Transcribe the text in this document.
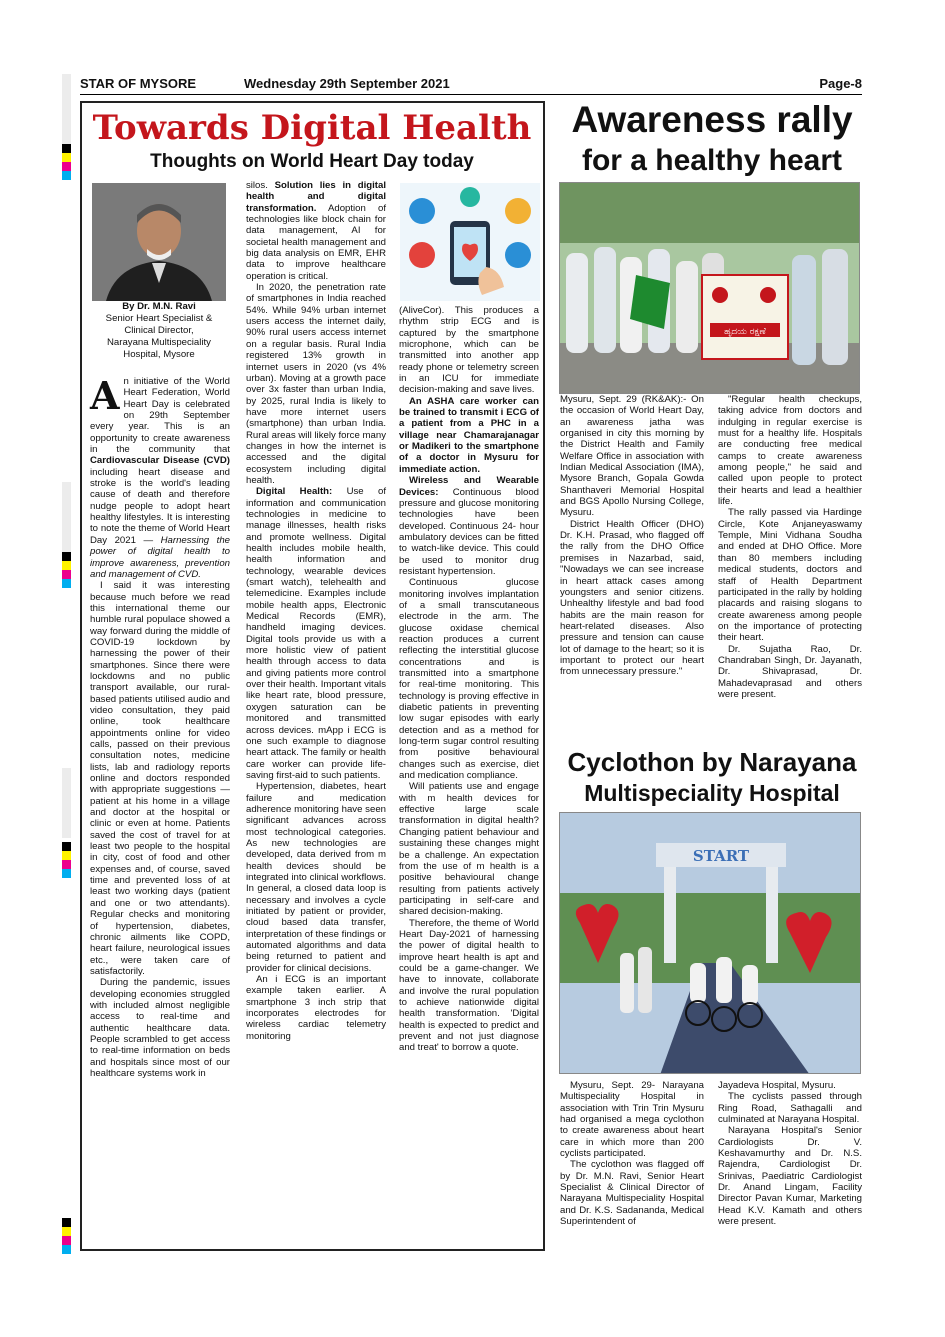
STAR OF MYSORE	Wednesday 29th September 2021	Page-8
Towards Digital Health
Thoughts on World Heart Day today
By Dr. M.N. Ravi
Senior Heart Specialist &
Clinical Director,
Narayana Multispeciality
Hospital, Mysore

An initiative of the World Heart Federation, World Heart Day is celebrated on 29th September every year. This is an opportunity to create awareness in the community that Cardiovascular Disease (CVD) including heart disease and stroke is the world's leading cause of death and therefore nudge people to adopt heart healthy lifestyles. It is interesting to note the theme of World Heart Day 2021 — Harnessing the power of digital health to improve awareness, prevention and management of CVD.

I said it was interesting because much before we read this international theme our humble rural populace showed a way forward during the middle of COVID-19 lockdown by harnessing the power of their smartphones. Since there were lockdowns and no public transport available, our rural-based patients utilised audio and video consultation, they paid online, took healthcare appointments online for video calls, passed on their previous consultation notes, medicine lists, lab and radiology reports online and doctors responded with appropriate suggestions — patient at his home in a village and doctor at the hospital or clinic or even at home. Patients saved the cost of travel for at least two people to the hospital in city, cost of food and other expenses and, of course, saved time and prevented loss of at least two working days (patient and one or two attendants). Regular checks and monitoring of hypertension, diabetes, chronic ailments like COPD, heart failure, neurological issues etc., were taken care of satisfactorily.

During the pandemic, issues developing economies struggled with included almost negligible access to real-time and authentic healthcare data. People scrambled to get access to real-time information on beds and hospitals since most of our healthcare systems work in

silos. Solution lies in digital health and digital transformation. Adoption of technologies like block chain for data management, AI for societal health management and big data analysis on EMR, EHR data to improve healthcare operation is critical.

In 2020, the penetration rate of smartphones in India reached 54%. While 94% urban internet users access the internet daily, 90% rural users access internet on a regular basis. Rural India registered 13% growth in internet users in 2020 (vs 4% urban). Moving at a growth pace over 3x faster than urban India, by 2025, rural India is likely to have more internet users (smartphone) than urban India. Rural areas will likely force many changes in how the internet is accessed and the digital ecosystem including digital health.

Digital Health: Use of information and communication technologies in medicine to manage illnesses, health risks and promote wellness. Digital health includes mobile health, health information and technology, wearable devices (smart watch), telehealth and telemedicine. Examples include mobile health apps, Electronic Medical Records (EMR), handheld imaging devices. Digital tools provide us with a more holistic view of patient health through access to data and giving patients more control over their health. Important vitals like heart rate, blood pressure, oxygen saturation can be monitored and transmitted across devices. mApp i ECG is one such example to diagnose heart attack. The family or health care worker can provide life-saving first-aid to such patients.

Hypertension, diabetes, heart failure and medication adherence monitoring have seen significant advances across most technological categories. As new technologies are developed, data derived from m health devices should be integrated into clinical workflows. In general, a closed data loop is necessary and involves a cycle initiated by patient or provider, cloud based data transfer, interpretation of these findings or automated algorithms and data being returned to patient and provider for clinical decisions.

An i ECG is an important example taken earlier. A smartphone 3 inch strip that incorporates electrodes for wireless cardiac telemetry monitoring

(AliveCor). This produces a rhythm strip ECG and is captured by the smartphone microphone, which can be transmitted into another app ready phone or telemetry screen in an ICU for immediate decision-making and save lives.

An ASHA care worker can be trained to transmit i ECG of a patient from a PHC in a village near Chamarajanagar or Madikeri to the smartphone of a doctor in Mysuru for immediate action.

Wireless and Wearable Devices: Continuous blood pressure and glucose monitoring technologies have been developed. Continuous 24- hour ambulatory devices can be fitted to watch-like device. This could be used to monitor drug resistant hypertension.

Continuous glucose monitoring involves implantation of a small transcutaneous electrode in the arm. The glucose oxidase chemical reaction produces a current reflecting the interstitial glucose concentrations and is transmitted into a smartphone for real-time monitoring. This technology is proving effective in diabetic patients in preventing low sugar episodes with early detection and as a method for long-term sugar control resulting from positive behavioural changes such as exercise, diet and medication compliance.

Will patients use and engage with m health devices for effective large scale transformation in digital health? Changing patient behaviour and sustaining these changes might be a challenge. An expectation from the use of m health is a positive behavioural change resulting from patients actively participating in self-care and shared decision-making.

Therefore, the theme of World Heart Day-2021 of harnessing the power of digital health to improve heart health is apt and could be a game-changer. We have to innovate, collaborate and involve the rural population to achieve nationwide digital health transformation. 'Digital health is expected to predict and prevent and not just diagnose and treat' to borrow a quote.

Awareness rally
for a healthy heart
ಹೃದಯ ರಕ್ಷಣೆ

Mysuru, Sept. 29 (RK&AK):- On the occasion of World Heart Day, an awareness jatha was organised in city this morning by the District Health and Family Welfare Office in association with Indian Medical Association (IMA), Mysore Branch, Gopala Gowda Shanthaveri Memorial Hospital and BGS Apollo Nursing College, Mysuru.

District Health Officer (DHO) Dr. K.H. Prasad, who flagged off the rally from the DHO Office premises in Nazarbad, said, "Nowadays we can see increase in heart attack cases among youngsters and senior citizens. Unhealthy lifestyle and bad food habits are the main reason for heart-related diseases. Also pressure and tension can cause lot of damage to the heart; so it is important to protect our heart from unnecessary pressure."

"Regular health checkups, taking advice from doctors and indulging in regular exercise is must for a healthy life. Hospitals are conducting free medical camps to create awareness among people," he said and called upon people to protect their hearts and lead a healthier life.

The rally passed via Hardinge Circle, Kote Anjaneyaswamy Temple, Mini Vidhana Soudha and ended at DHO Office. More than 80 members including medical students, doctors and staff of Health Department participated in the rally by holding placards and raising slogans to create awareness among people on the importance of protecting their heart.

Dr. Sujatha Rao, Dr. Chandraban Singh, Dr. Jayanath, Dr. Shivaprasad, Dr. Mahadevaprasad and others were present.

Cyclothon by Narayana
Multispeciality Hospital
START

Mysuru, Sept. 29- Narayana Multispeciality Hospital in association with Trin Trin Mysuru had organised a mega cyclothon to create awareness about heart care in which more than 200 cyclists participated.

The cyclothon was flagged off by Dr. M.N. Ravi, Senior Heart Specialist & Clinical Director of Narayana Multispeciality Hospital and Dr. K.S. Sadananda, Medical Superintendent of

Jayadeva Hospital, Mysuru.

The cyclists passed through Ring Road, Sathagalli and culminated at Narayana Hospital.

Narayana Hospital's Senior Cardiologists Dr. V. Keshavamurthy and Dr. N.S. Rajendra, Cardiologist Dr. Srinivas, Paediatric Cardiologist Dr. Anand Lingam, Facility Director Pavan Kumar, Marketing Head K.V. Kamath and others were present.
